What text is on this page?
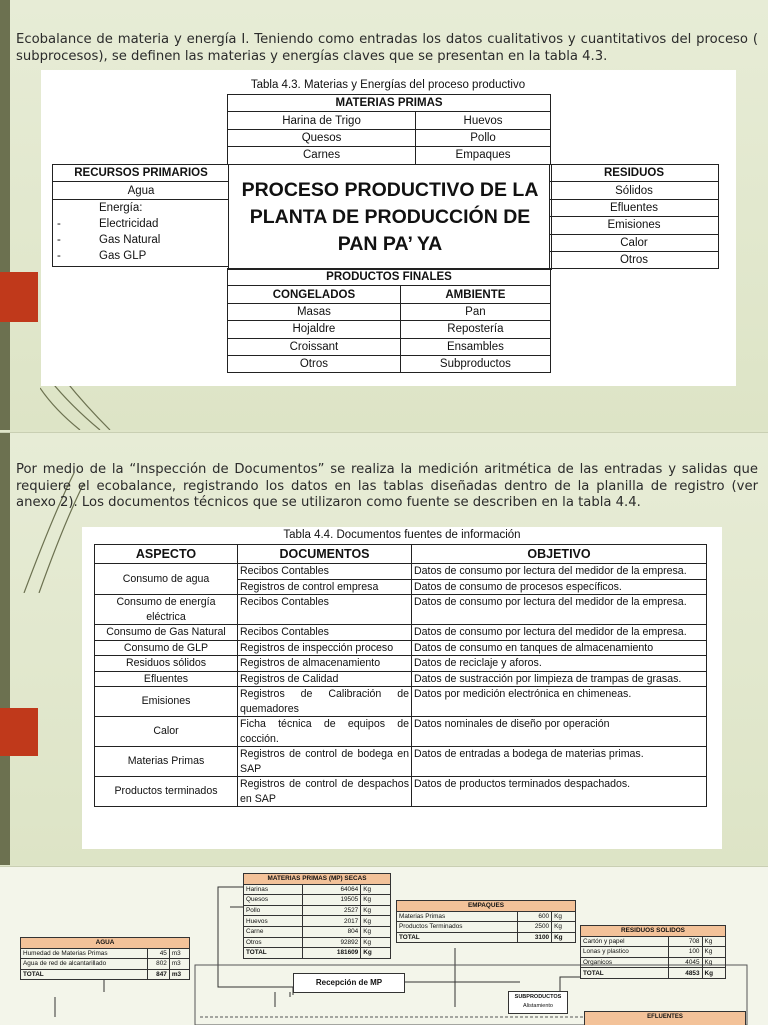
Ecobalance de materia y energía I. Teniendo como entradas los datos cualitativos y cuantitativos del proceso ( subprocesos), se definen las materias y energías claves que se presentan en la tabla 4.3.

Tabla 4.3. Materias y Energías del proceso productivo
MATERIAS PRIMAS	
Harina de Trigo	Huevos
Quesos	Pollo
Carnes	Empaques
RECURSOS PRIMARIOS
Agua

Energía:
-	Electricidad
-	Gas Natural
-	Gas GLP
PROCESO PRODUCTIVO DE LA
PLANTA DE PRODUCCIÓN DE
PAN PA’ YA
RESIDUOS
Sólidos
Efluentes
Emisiones
Calor
Otros
PRODUCTOS FINALES	
CONGELADOS	AMBIENTE
Masas	Pan
Hojaldre	Repostería
Croissant	Ensambles
Otros	Subproductos

Por medio de la “Inspección de Documentos” se realiza la medición aritmética de las entradas y salidas que requiere el ecobalance, registrando los datos en las tablas diseñadas dentro de la planilla de registro (ver anexo 2). Los documentos técnicos que se utilizaron como fuente se describen en la tabla 4.4.

Tabla 4.4. Documentos fuentes de información
ASPECTO	DOCUMENTOS	OBJETIVO
Consumo de agua	Recibos Contables	Datos de consumo por lectura del medidor de la empresa.
	Registros de control empresa	Datos de consumo de procesos específicos.
Consumo de energía eléctrica	Recibos Contables	Datos de consumo por lectura del medidor de la empresa.
Consumo de Gas Natural	Recibos Contables	Datos de consumo por lectura del medidor de la empresa.
Consumo de GLP	Registros de inspección proceso	Datos de consumo en tanques de almacenamiento
Residuos sólidos	Registros de almacenamiento	Datos de reciclaje y aforos.
Efluentes	Registros de Calidad	Datos de sustracción por limpieza de trampas de grasas.
Emisiones	Registros de Calibración de quemadores	Datos por medición electrónica en chimeneas.
Calor	Ficha técnica de equipos de cocción.	Datos nominales de diseño por operación
Materias Primas	Registros de control de bodega en SAP	Datos de entradas a bodega de materias primas.
Productos terminados	Registros de control de despachos en SAP	Datos de productos terminados despachados.
MATERIAS PRIMAS (MP) SECAS		
Harinas	64064	Kg
Quesos	19505	Kg
Pollo	2527	Kg
Huevos	2017	Kg
Carne	804	Kg
Otros	92892	Kg
TOTAL	181609	Kg
AGUA		
Humedad de Materias Primas	45	m3
Agua de red de alcantarillado	802	m3
TOTAL	847	m3
EMPAQUES		
Materias Primas	600	Kg
Productos Terminados	2500	Kg
TOTAL	3100	Kg
RESIDUOS SOLIDOS		
Cartón y papel	708	Kg
Lonas y plastico	100	Kg
Organicos	4045	Kg
TOTAL	4853	Kg
Recepción de MP
SUBPRODUCTOS
Alistamiento
EFLUENTES
